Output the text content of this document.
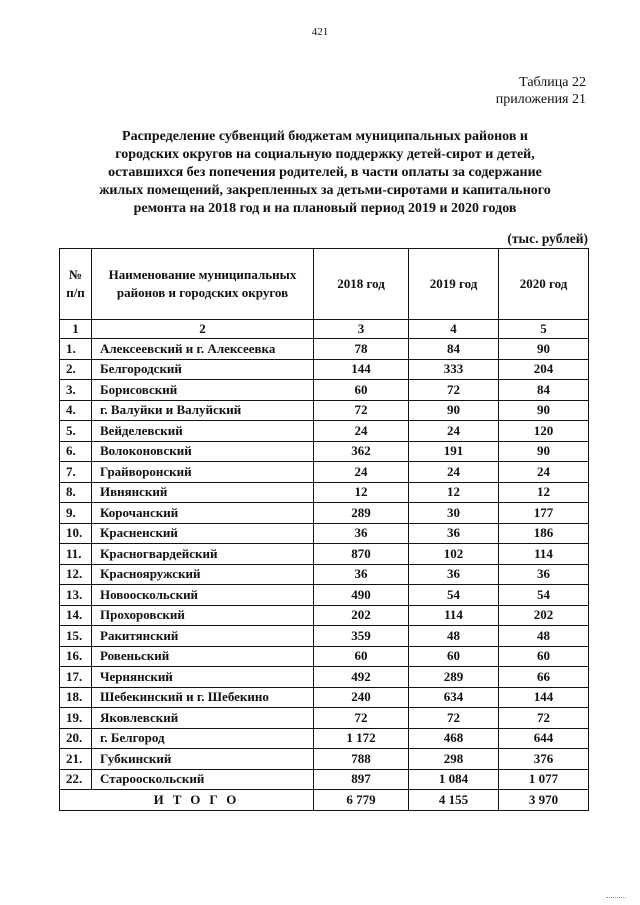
421
Таблица 22
приложения 21
Распределение субвенций бюджетам муниципальных районов и
городских округов на социальную поддержку детей-сирот и детей,
оставшихся без попечения родителей, в части оплаты за содержание
жилых помещений, закрепленных за детьми-сиротами и капитального
ремонта на 2018 год и на плановый период 2019 и 2020 годов
(тыс. рублей)
№ п/п	Наименование муниципальных районов и городских округов	2018 год	2019 год	2020 год
1	2	3	4	5
1.	Алексеевский и г. Алексеевка	78	84	90
2.	Белгородский	144	333	204
3.	Борисовский	60	72	84
4.	г. Валуйки и Валуйский	72	90	90
5.	Вейделевский	24	24	120
6.	Волоконовский	362	191	90
7.	Грайворонский	24	24	24
8.	Ивнянский	12	12	12
9.	Корочанский	289	30	177
10.	Красненский	36	36	186
11.	Красногвардейский	870	102	114
12.	Краснояружский	36	36	36
13.	Новооскольский	490	54	54
14.	Прохоровский	202	114	202
15.	Ракитянский	359	48	48
16.	Ровеньский	60	60	60
17.	Чернянский	492	289	66
18.	Шебекинский и г. Шебекино	240	634	144
19.	Яковлевский	72	72	72
20.	г. Белгород	1 172	468	644
21.	Губкинский	788	298	376
22.	Старооскольский	897	1 084	1 077
ИТОГО		6 779	4 155	3 970
